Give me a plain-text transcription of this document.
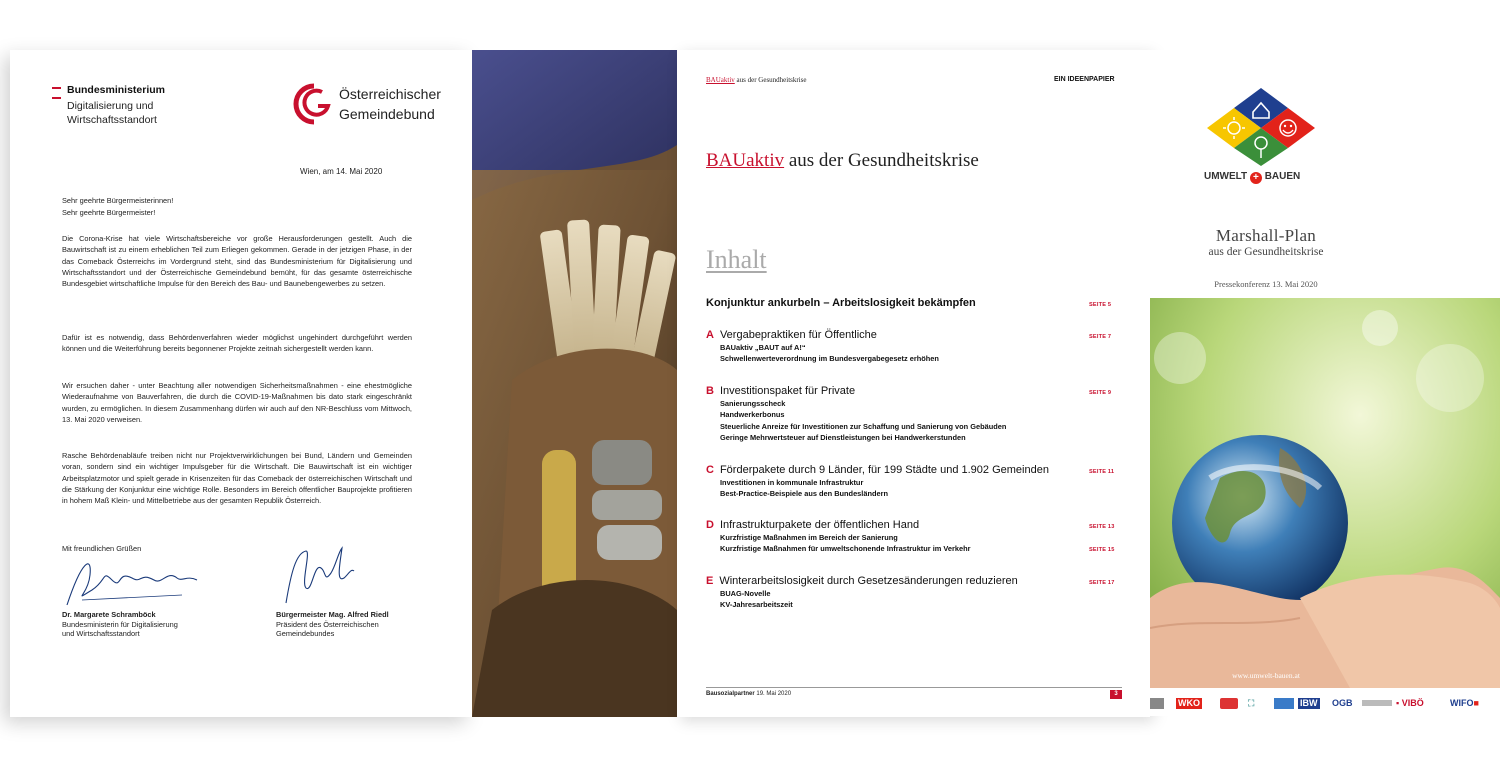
Bundesministerium
Digitalisierung und
Wirtschaftsstandort
Österreichischer
Gemeindebund
Wien, am 14. Mai 2020
Sehr geehrte Bürgermeisterinnen!
Sehr geehrte Bürgermeister!
Die Corona-Krise hat viele Wirtschaftsbereiche vor große Herausforderungen gestellt. Auch die Bauwirtschaft ist zu einem erheblichen Teil zum Erliegen gekommen. Gerade in der jetzigen Phase, in der das Comeback Österreichs im Vordergrund steht, sind das Bundesministerium für Digitalisierung und Wirtschaftsstandort und der Österreichische Gemeindebund bemüht, für das gesamte österreichische Bundesgebiet wirtschaftliche Impulse für den Bereich des Bau- und Baunebengewerbes zu setzen.
Dafür ist es notwendig, dass Behördenverfahren wieder möglichst ungehindert durchgeführt werden können und die Weiterführung bereits begonnener Projekte zeitnah sichergestellt werden kann.
Wir ersuchen daher - unter Beachtung aller notwendigen Sicherheitsmaßnahmen - eine ehestmögliche Wiederaufnahme von Bauverfahren, die durch die COVID-19-Maßnahmen bis dato stark eingeschränkt wurden, zu ermöglichen. In diesem Zusammenhang dürfen wir auch auf den NR-Beschluss vom Mittwoch, 13. Mai 2020 verweisen.
Rasche Behördenabläufe treiben nicht nur Projektverwirklichungen bei Bund, Ländern und Gemeinden voran, sondern sind ein wichtiger Impulsgeber für die Wirtschaft. Die Bauwirtschaft ist ein wichtiger Arbeitsplatzmotor und spielt gerade in Krisenzeiten für das Comeback der österreichischen Wirtschaft und die Stärkung der Konjunktur eine wichtige Rolle. Besonders im Bereich öffentlicher Bauprojekte profitieren in hohem Maß Klein- und Mittelbetriebe aus der gesamten Republik Österreich.
Mit freundlichen Grüßen
Dr. Margarete Schramböck
Bundesministerin für Digitalisierung
und Wirtschaftsstandort
Bürgermeister Mag. Alfred Riedl
Präsident des Österreichischen
Gemeindebundes
BAUaktiv aus der Gesundheitskrise	EIN IDEENPAPIER
BAUaktiv aus der Gesundheitskrise
Inhalt
Konjunktur ankurbeln – Arbeitslosigkeit bekämpfen	SEITE 5
A Vergabepraktiken für Öffentliche	SEITE 7
BAUaktiv „BAUT auf A!“
Schwellenwerteverordnung im Bundesvergabegesetz erhöhen
B Investitionspaket für Private	SEITE 9
Sanierungsscheck
Handwerkerbonus
Steuerliche Anreize für Investitionen zur Schaffung und Sanierung von Gebäuden
Geringe Mehrwertsteuer auf Dienstleistungen bei Handwerkerstunden
C Förderpakete durch 9 Länder, für 199 Städte und 1.902 Gemeinden	SEITE 11
Investitionen in kommunale Infrastruktur
Best-Practice-Beispiele aus den Bundesländern
D Infrastrukturpakete der öffentlichen Hand	SEITE 13
Kurzfristige Maßnahmen im Bereich der Sanierung
Kurzfristige Maßnahmen für umweltschonende Infrastruktur im Verkehr	SEITE 15
E Winterarbeitslosigkeit durch Gesetzesänderungen reduzieren	SEITE 17
BUAG-Novelle
KV-Jahresarbeitszeit
Bausozialpartner 19. Mai 2020	3
UMWELT + BAUEN
Marshall-Plan
aus der Gesundheitskrise
Pressekonferenz 13. Mai 2020
www.umwelt-bauen.at
WKO	⛶	IBW OGB	▪ VIBÖ	WIFO■
